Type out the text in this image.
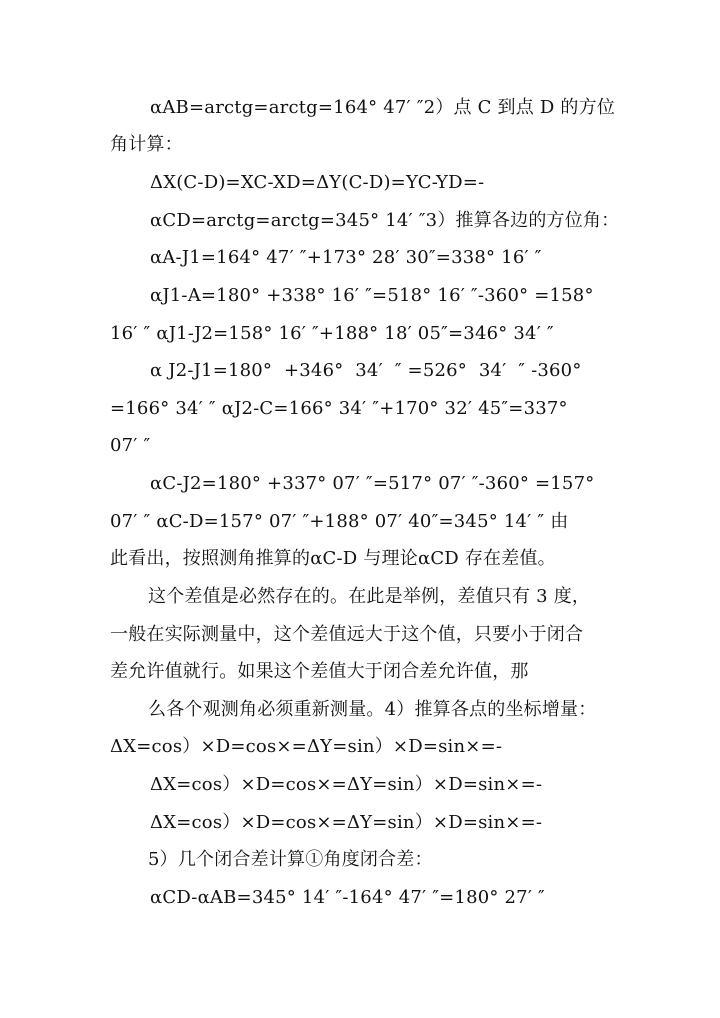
αAB=arctg=arctg=164° 47′ ″2）点 C 到点 D 的方位
角计算：
ΔX(C-D)=XC-XD=ΔY(C-D)=YC-YD=-
αCD=arctg=arctg=345° 14′ ″3）推算各边的方位角：
αA-J1=164° 47′ ″+173° 28′ 30″=338° 16′ ″
αJ1-A=180° +338° 16′ ″=518° 16′ ″-360° =158°
16′ ″ αJ1-J2=158° 16′ ″+188° 18′ 05″=346° 34′ ″
α J2-J1=180°  +346°  34′  ″ =526°  34′  ″ -360°
=166° 34′ ″ αJ2-C=166° 34′ ″+170° 32′ 45″=337°
07′ ″
αC-J2=180° +337° 07′ ″=517° 07′ ″-360° =157°
07′ ″ αC-D=157° 07′ ″+188° 07′ 40″=345° 14′ ″ 由
此看出，按照测角推算的αC-D 与理论αCD 存在差值。
这个差值是必然存在的。在此是举例，差值只有 3 度，
一般在实际测量中，这个差值远大于这个值，只要小于闭合
差允许值就行。如果这个差值大于闭合差允许值，那
么各个观测角必须重新测量。4）推算各点的坐标增量：
ΔX=cos）×D=cos×=ΔY=sin）×D=sin×=-
ΔX=cos）×D=cos×=ΔY=sin）×D=sin×=-
ΔX=cos）×D=cos×=ΔY=sin）×D=sin×=-
5）几个闭合差计算①角度闭合差：
αCD-αAB=345° 14′ ″-164° 47′ ″=180° 27′ ″
